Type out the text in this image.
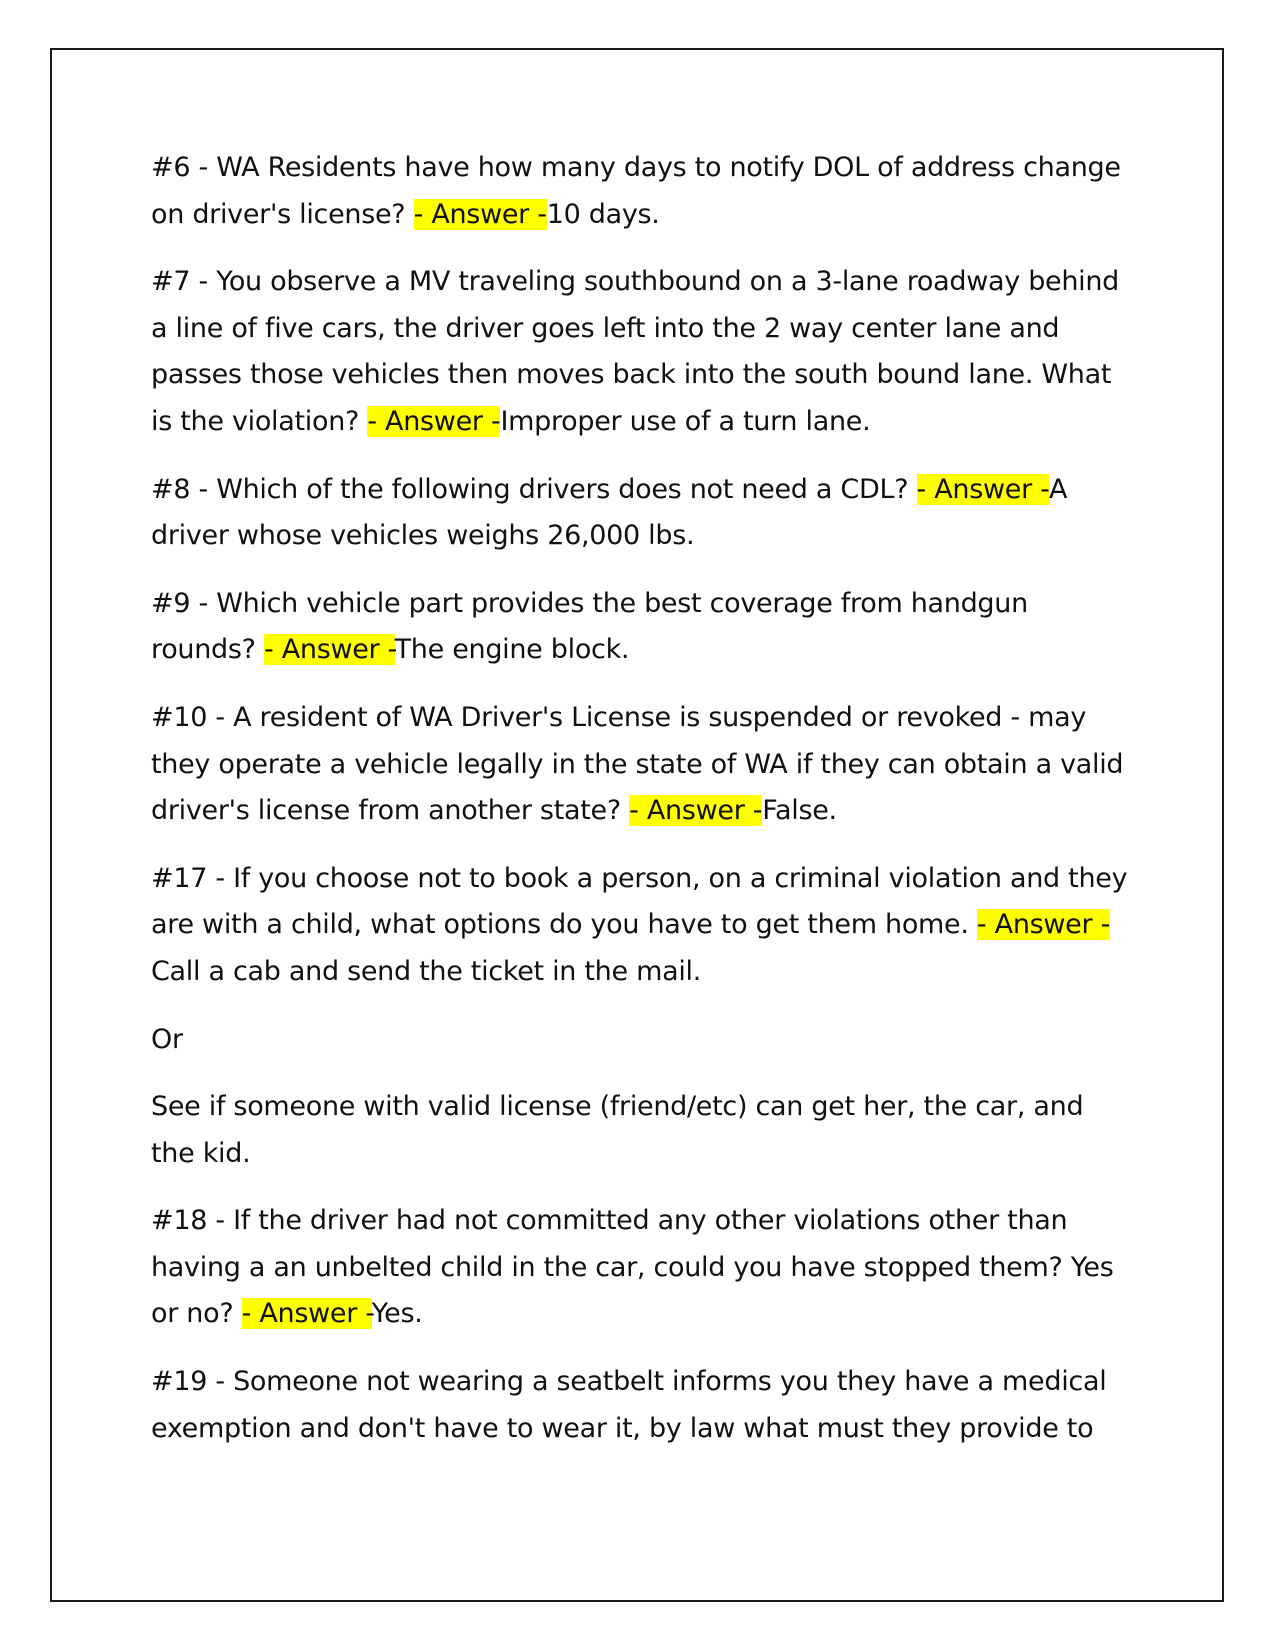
#6 - WA Residents have how many days to notify DOL of address change on driver's license? - Answer -10 days.

#7 - You observe a MV traveling southbound on a 3-lane roadway behind a line of five cars, the driver goes left into the 2 way center lane and passes those vehicles then moves back into the south bound lane. What is the violation? - Answer -Improper use of a turn lane.

#8 - Which of the following drivers does not need a CDL? - Answer -A driver whose vehicles weighs 26,000 lbs.

#9 - Which vehicle part provides the best coverage from handgun rounds? - Answer -The engine block.

#10 - A resident of WA Driver's License is suspended or revoked - may they operate a vehicle legally in the state of WA if they can obtain a valid driver's license from another state? - Answer -False.

#17 - If you choose not to book a person, on a criminal violation and they are with a child, what options do you have to get them home. - Answer -Call a cab and send the ticket in the mail.

Or

See if someone with valid license (friend/etc) can get her, the car, and the kid.

#18 - If the driver had not committed any other violations other than having a an unbelted child in the car, could you have stopped them? Yes or no? - Answer -Yes.

#19 - Someone not wearing a seatbelt informs you they have a medical exemption and don't have to wear it, by law what must they provide to
